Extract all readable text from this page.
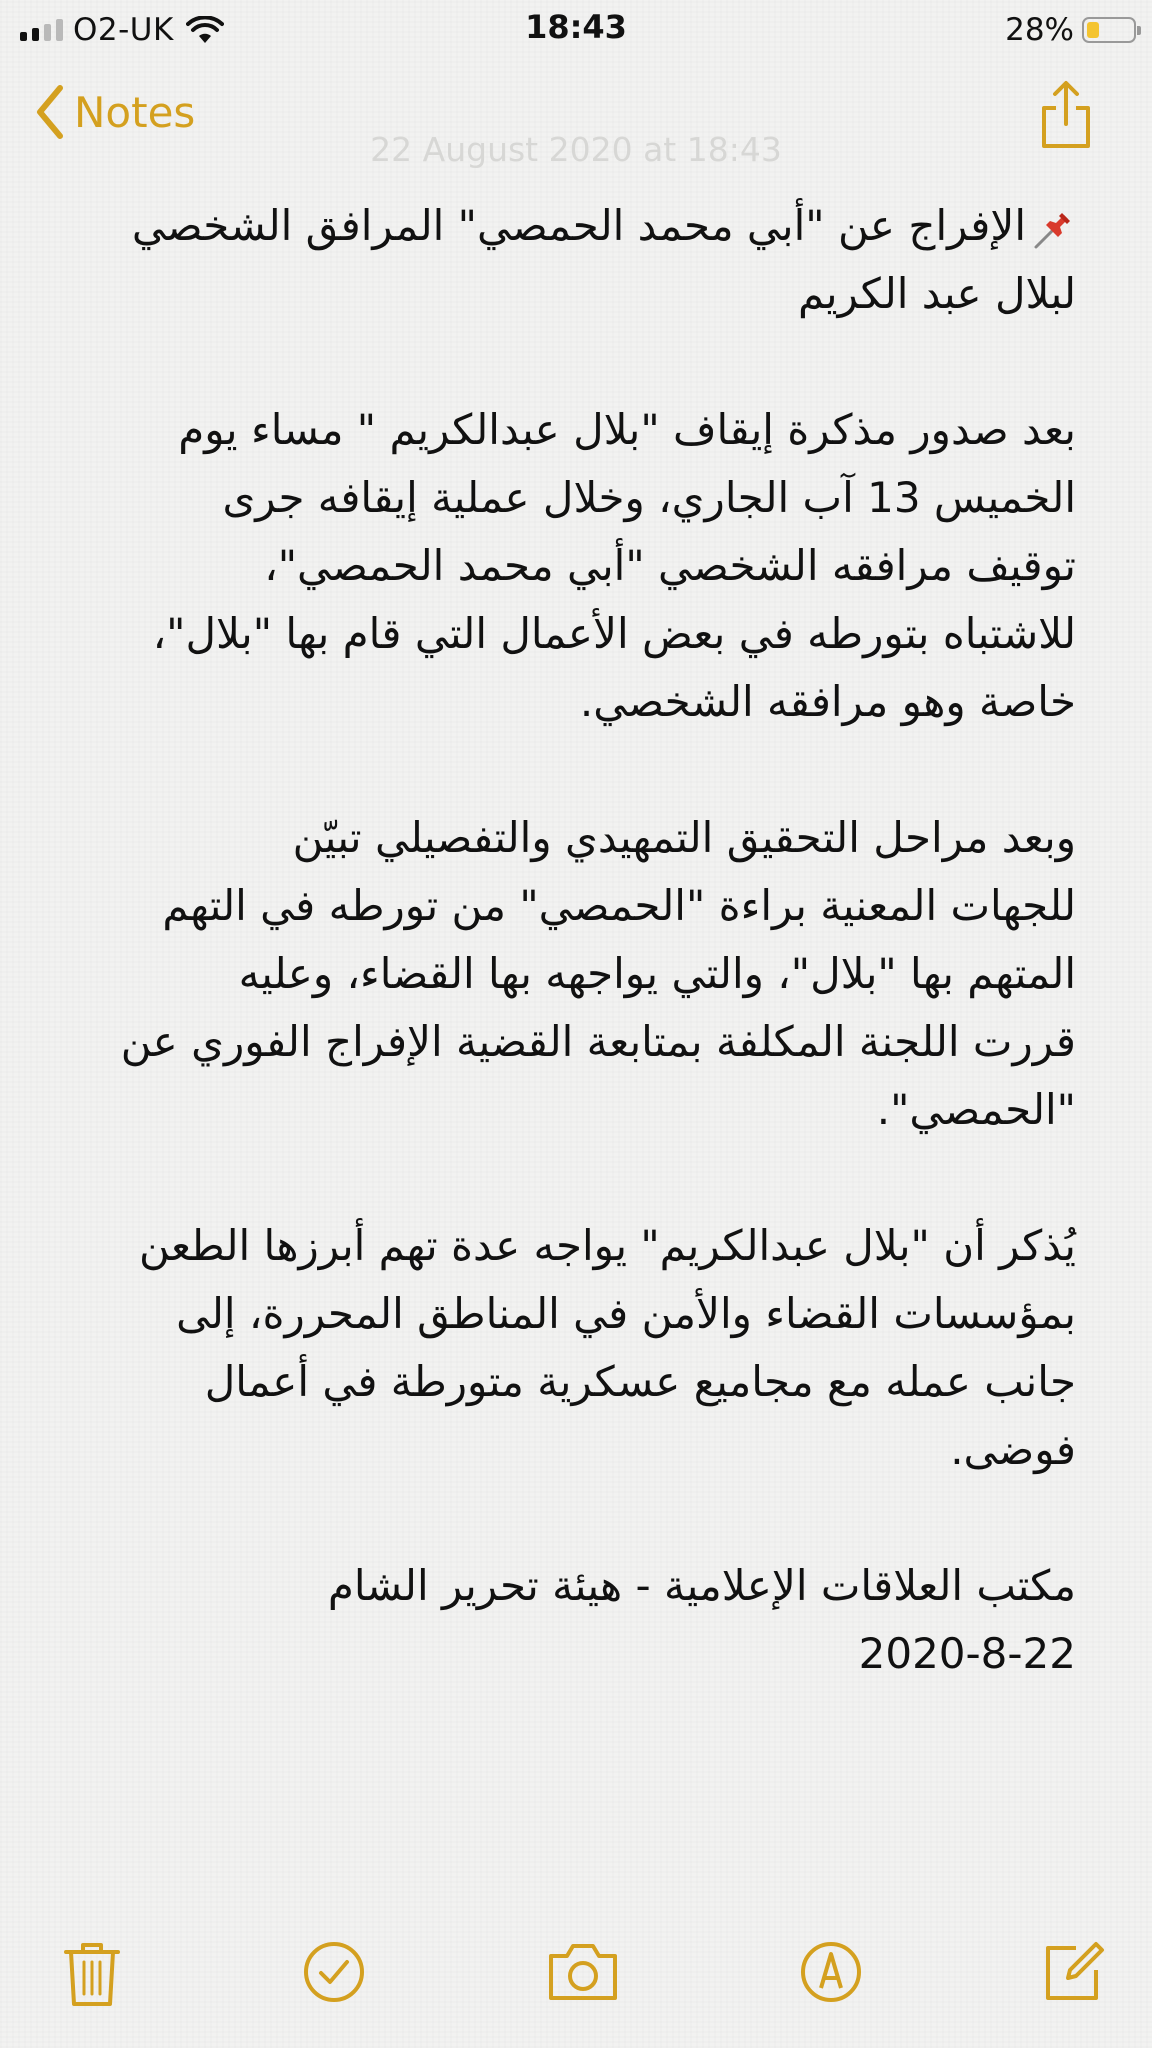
O2-UK	18:43	28%
Notes
22 August 2020 at 18:43

الإفراج عن "أبي محمد الحمصي" المرافق الشخصي

لبلال عبد الكريم

بعد صدور مذكرة إيقاف "بلال عبدالكريم " مساء يوم

الخميس 13 آب الجاري، وخلال عملية إيقافه جرى

توقيف مرافقه الشخصي "أبي محمد الحمصي"،

للاشتباه بتورطه في بعض الأعمال التي قام بها "بلال"،

خاصة وهو مرافقه الشخصي.

وبعد مراحل التحقيق التمهيدي والتفصيلي تبيّن

للجهات المعنية براءة "الحمصي" من تورطه في التهم

المتهم بها "بلال"، والتي يواجهه بها القضاء، وعليه

قررت اللجنة المكلفة بمتابعة القضية الإفراج الفوري عن

"الحمصي".

يُذكر أن "بلال عبدالكريم" يواجه عدة تهم أبرزها الطعن

بمؤسسات القضاء والأمن في المناطق المحررة، إلى

جانب عمله مع مجاميع عسكرية متورطة في أعمال

فوضى.

مكتب العلاقات الإعلامية - هيئة تحرير الشام

2020-8-22
